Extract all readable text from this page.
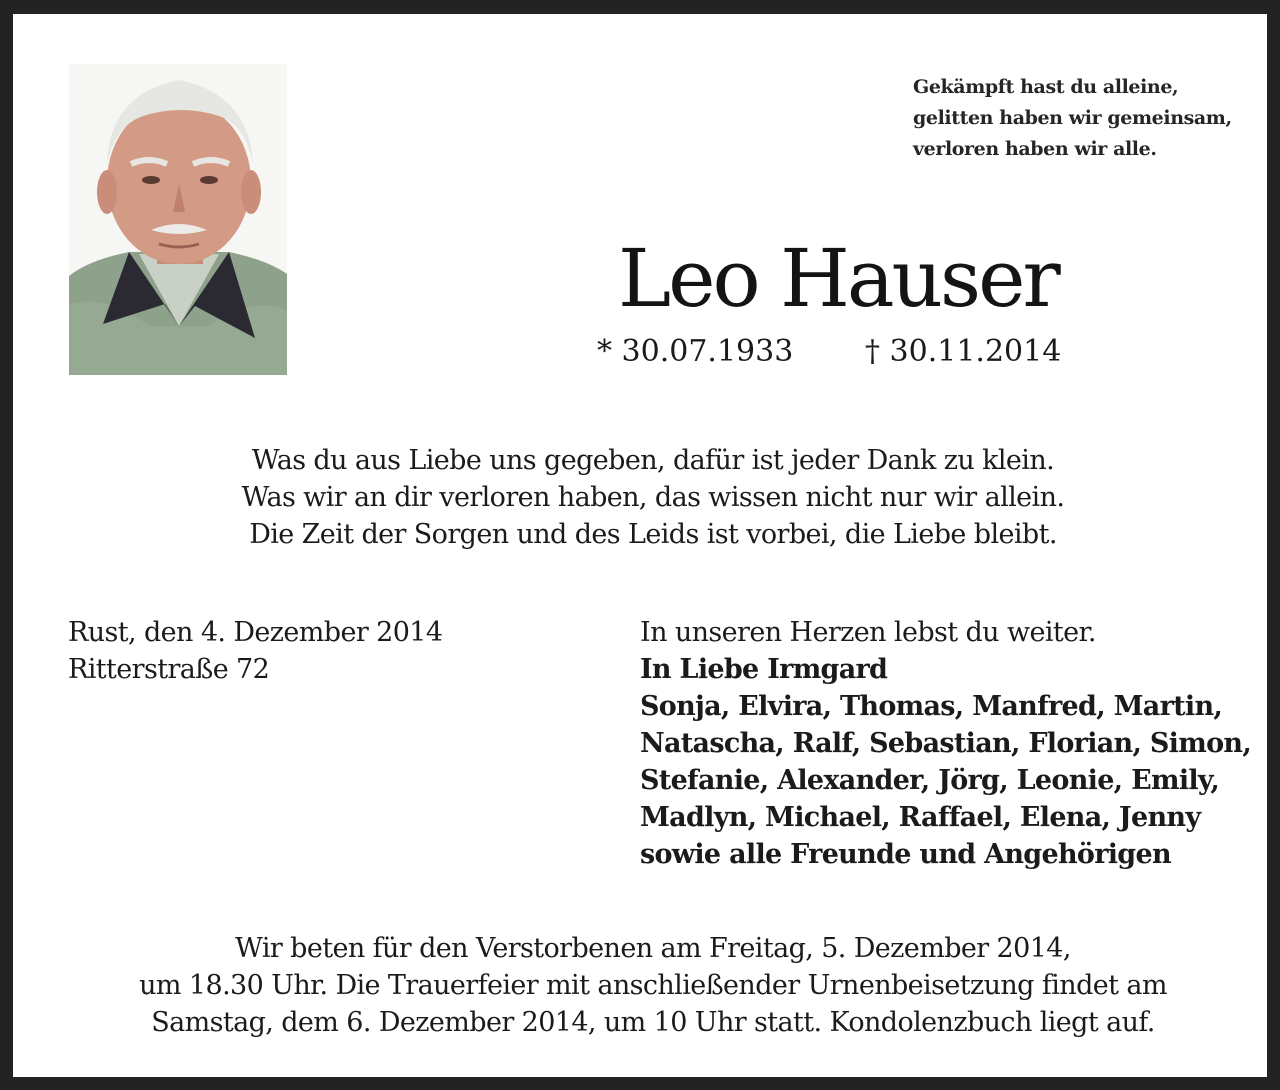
Gekämpft hast du alleine,
gelitten haben wir gemeinsam,
verloren haben wir alle.
Leo Hauser
* 30.07.1933 † 30.11.2014
Was du aus Liebe uns gegeben, dafür ist jeder Dank zu klein.
Was wir an dir verloren haben, das wissen nicht nur wir allein.
Die Zeit der Sorgen und des Leids ist vorbei, die Liebe bleibt.
Rust, den 4. Dezember 2014
Ritterstraße 72
In unseren Herzen lebst du weiter.
In Liebe Irmgard
Sonja, Elvira, Thomas, Manfred, Martin,
Natascha, Ralf, Sebastian, Florian, Simon,
Stefanie, Alexander, Jörg, Leonie, Emily,
Madlyn, Michael, Raffael, Elena, Jenny
sowie alle Freunde und Angehörigen
Wir beten für den Verstorbenen am Freitag, 5. Dezember 2014,
um 18.30 Uhr. Die Trauerfeier mit anschließender Urnenbeisetzung findet am
Samstag, dem 6. Dezember 2014, um 10 Uhr statt. Kondolenzbuch liegt auf.
